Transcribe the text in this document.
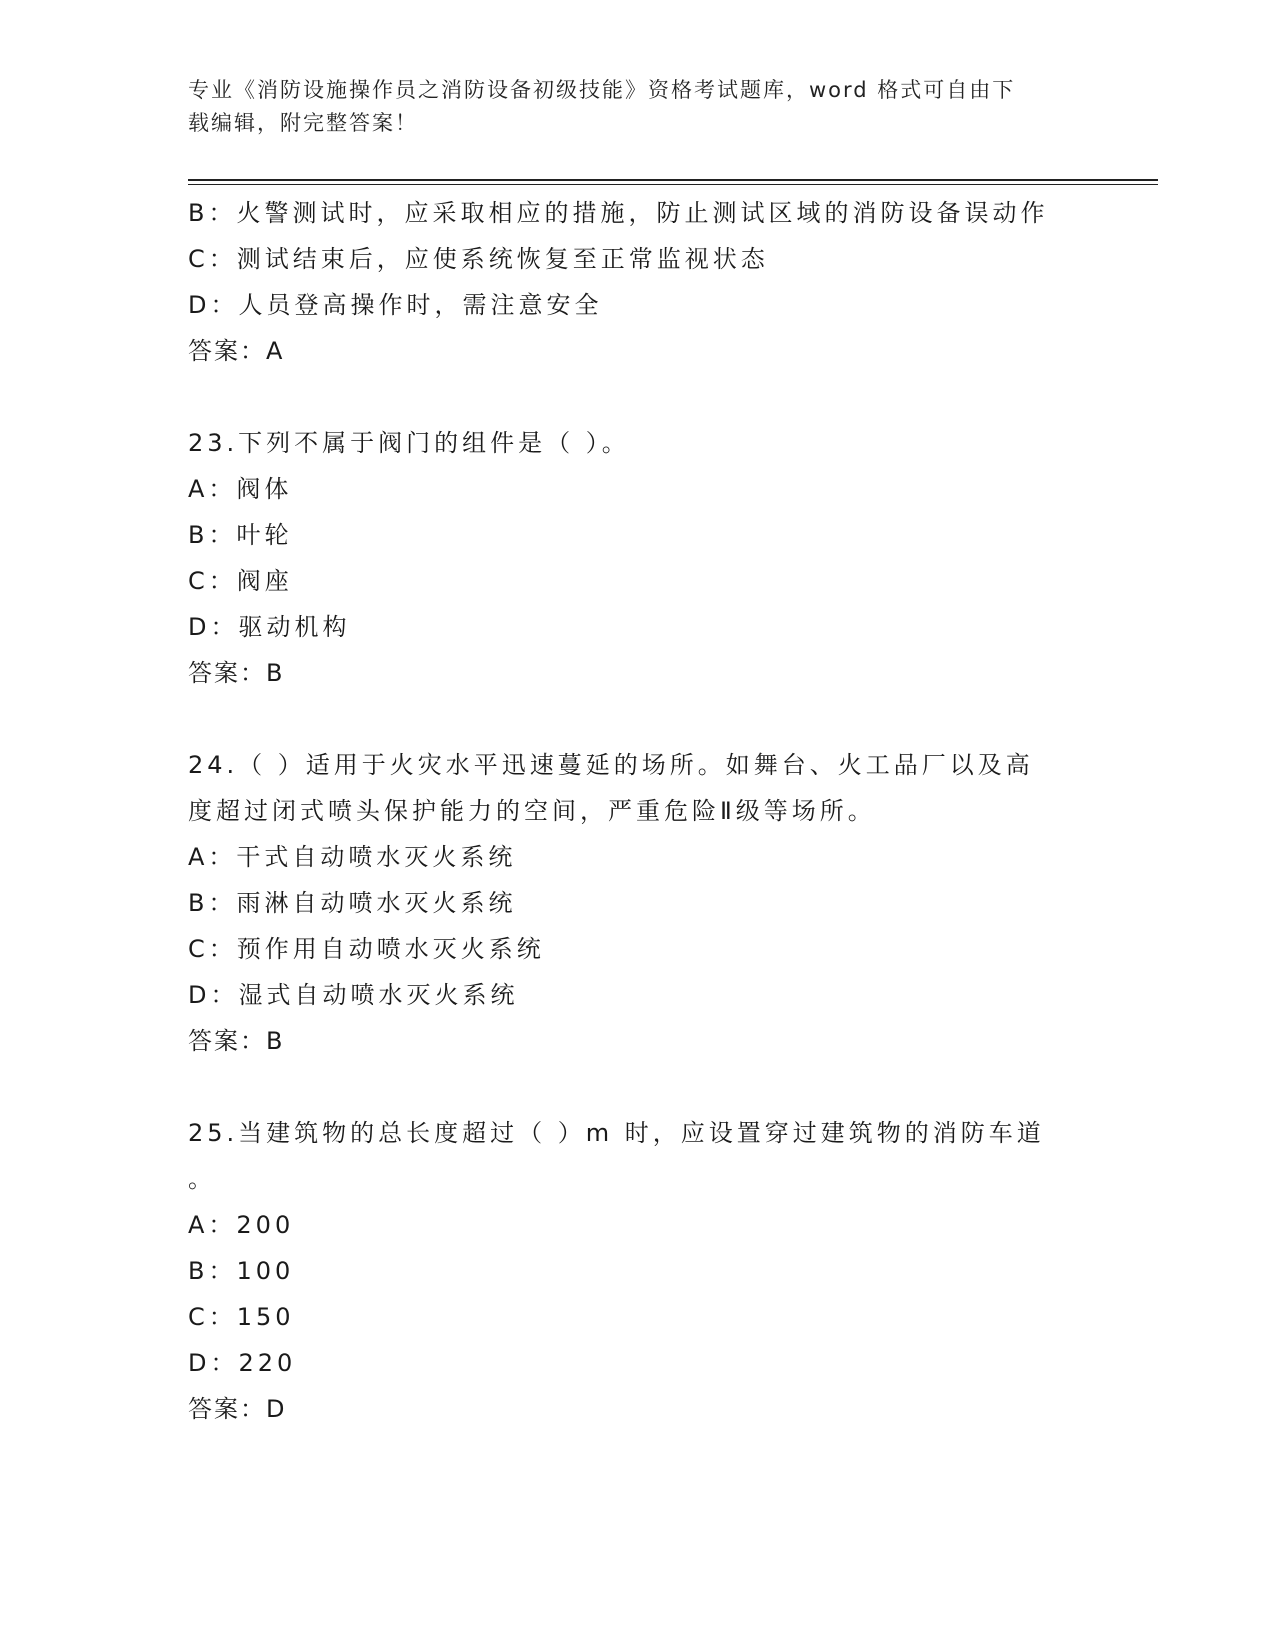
专业《消防设施操作员之消防设备初级技能》资格考试题库，word 格式可自由下
载编辑，附完整答案！
B：火警测试时，应采取相应的措施，防止测试区域的消防设备误动作
C：测试结束后，应使系统恢复至正常监视状态
D：人员登高操作时，需注意安全
答案：A
23.下列不属于阀门的组件是（ ）。
A：阀体
B：叶轮
C：阀座
D：驱动机构
答案：B
24.（ ）适用于火灾水平迅速蔓延的场所。如舞台、火工品厂以及高
度超过闭式喷头保护能力的空间，严重危险Ⅱ级等场所。
A：干式自动喷水灭火系统
B：雨淋自动喷水灭火系统
C：预作用自动喷水灭火系统
D：湿式自动喷水灭火系统
答案：B
25.当建筑物的总长度超过（ ）m 时，应设置穿过建筑物的消防车道
。
A：200
B：100
C：150
D：220
答案：D
